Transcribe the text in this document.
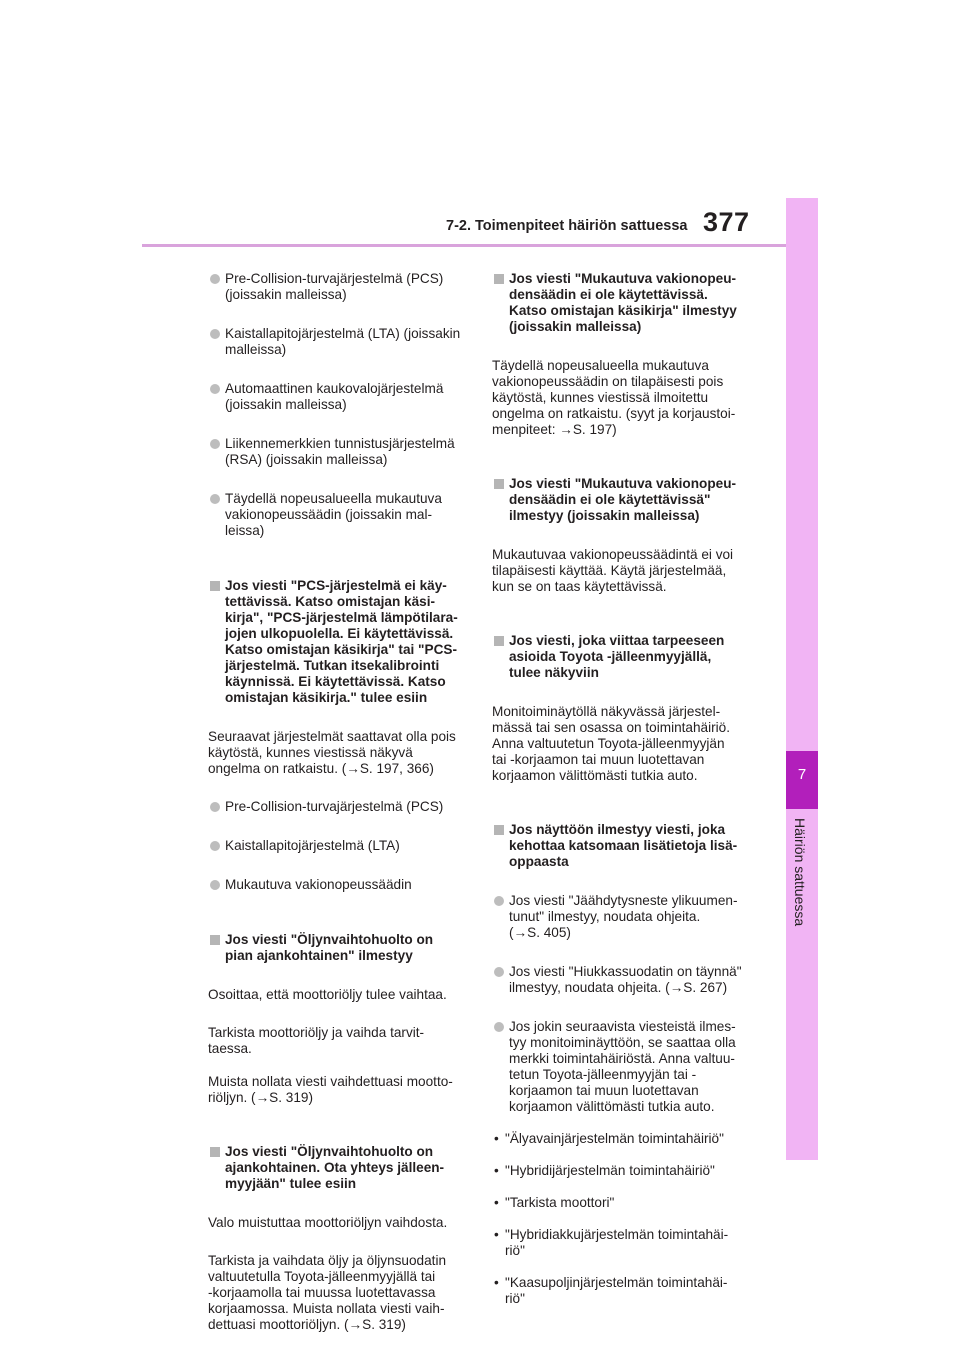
7-2. Toimenpiteet häiriön sattuessa 377
7
Häiriön sattuessa

Pre-Collision-turvajärjestelmä (PCS)
(joissakin malleissa)

Kaistallapitojärjestelmä (LTA) (joissakin
malleissa)

Automaattinen kaukovalojärjestelmä
(joissakin malleissa)

Liikennemerkkien tunnistusjärjestelmä
(RSA) (joissakin malleissa)

Täydellä nopeusalueella mukautuva
vakionopeussäädin (joissakin mal-
leissa)

Jos viesti "PCS-järjestelmä ei käy-
tettävissä. Katso omistajan käsi-
kirja", "PCS-järjestelmä lämpötilara-
jojen ulkopuolella. Ei käytettävissä.
Katso omistajan käsikirja" tai "PCS-
järjestelmä. Tutkan itsekalibrointi
käynnissä. Ei käytettävissä. Katso
omistajan käsikirja." tulee esiin

Seuraavat järjestelmät saattavat olla pois
käytöstä, kunnes viestissä näkyvä
ongelma on ratkaistu. (→S. 197, 366)

Pre-Collision-turvajärjestelmä (PCS)

Kaistallapitojärjestelmä (LTA)

Mukautuva vakionopeussäädin

Jos viesti "Öljynvaihtohuolto on
pian ajankohtainen" ilmestyy

Osoittaa, että moottoriöljy tulee vaihtaa.

Tarkista moottoriöljy ja vaihda tarvit-
taessa.

Muista nollata viesti vaihdettuasi mootto-
riöljyn. (→S. 319)

Jos viesti "Öljynvaihtohuolto on
ajankohtainen. Ota yhteys jälleen-
myyjään" tulee esiin

Valo muistuttaa moottoriöljyn vaihdosta.

Tarkista ja vaihdata öljy ja öljynsuodatin
valtuutetulla Toyota-jälleenmyyjällä tai
-korjaamolla tai muussa luotettavassa
korjaamossa. Muista nollata viesti vaih-
dettuasi moottoriöljyn. (→S. 319)

Jos viesti "Mukautuva vakionopeu-
densäädin ei ole käytettävissä.
Katso omistajan käsikirja" ilmestyy
(joissakin malleissa)

Täydellä nopeusalueella mukautuva
vakionopeussäädin on tilapäisesti pois
käytöstä, kunnes viestissä ilmoitettu
ongelma on ratkaistu. (syyt ja korjaustoi-
menpiteet: →S. 197)

Jos viesti "Mukautuva vakionopeu-
densäädin ei ole käytettävissä"
ilmestyy (joissakin malleissa)

Mukautuvaa vakionopeussäädintä ei voi
tilapäisesti käyttää. Käytä järjestelmää,
kun se on taas käytettävissä.

Jos viesti, joka viittaa tarpeeseen
asioida Toyota -jälleenmyyjällä,
tulee näkyviin

Monitoiminäytöllä näkyvässä järjestel-
mässä tai sen osassa on toimintahäiriö.
Anna valtuutetun Toyota-jälleenmyyjän
tai -korjaamon tai muun luotettavan
korjaamon välittömästi tutkia auto.

Jos näyttöön ilmestyy viesti, joka
kehottaa katsomaan lisätietoja lisä-
oppaasta

Jos viesti "Jäähdytysneste ylikuumen-
tunut" ilmestyy, noudata ohjeita.
(→S. 405)

Jos viesti "Hiukkassuodatin on täynnä"
ilmestyy, noudata ohjeita. (→S. 267)

Jos jokin seuraavista viesteistä ilmes-
tyy monitoiminäyttöön, se saattaa olla
merkki toimintahäiriöstä. Anna valtuu-
tetun Toyota-jälleenmyyjän tai -
korjaamon tai muun luotettavan
korjaamon välittömästi tutkia auto.

• "Älyavainjärjestelmän toimintahäiriö"

• "Hybridijärjestelmän toimintahäiriö"

• "Tarkista moottori"

• "Hybridiakkujärjestelmän toimintahäi-
riö"

• "Kaasupoljinjärjestelmän toimintahäi-
riö"
